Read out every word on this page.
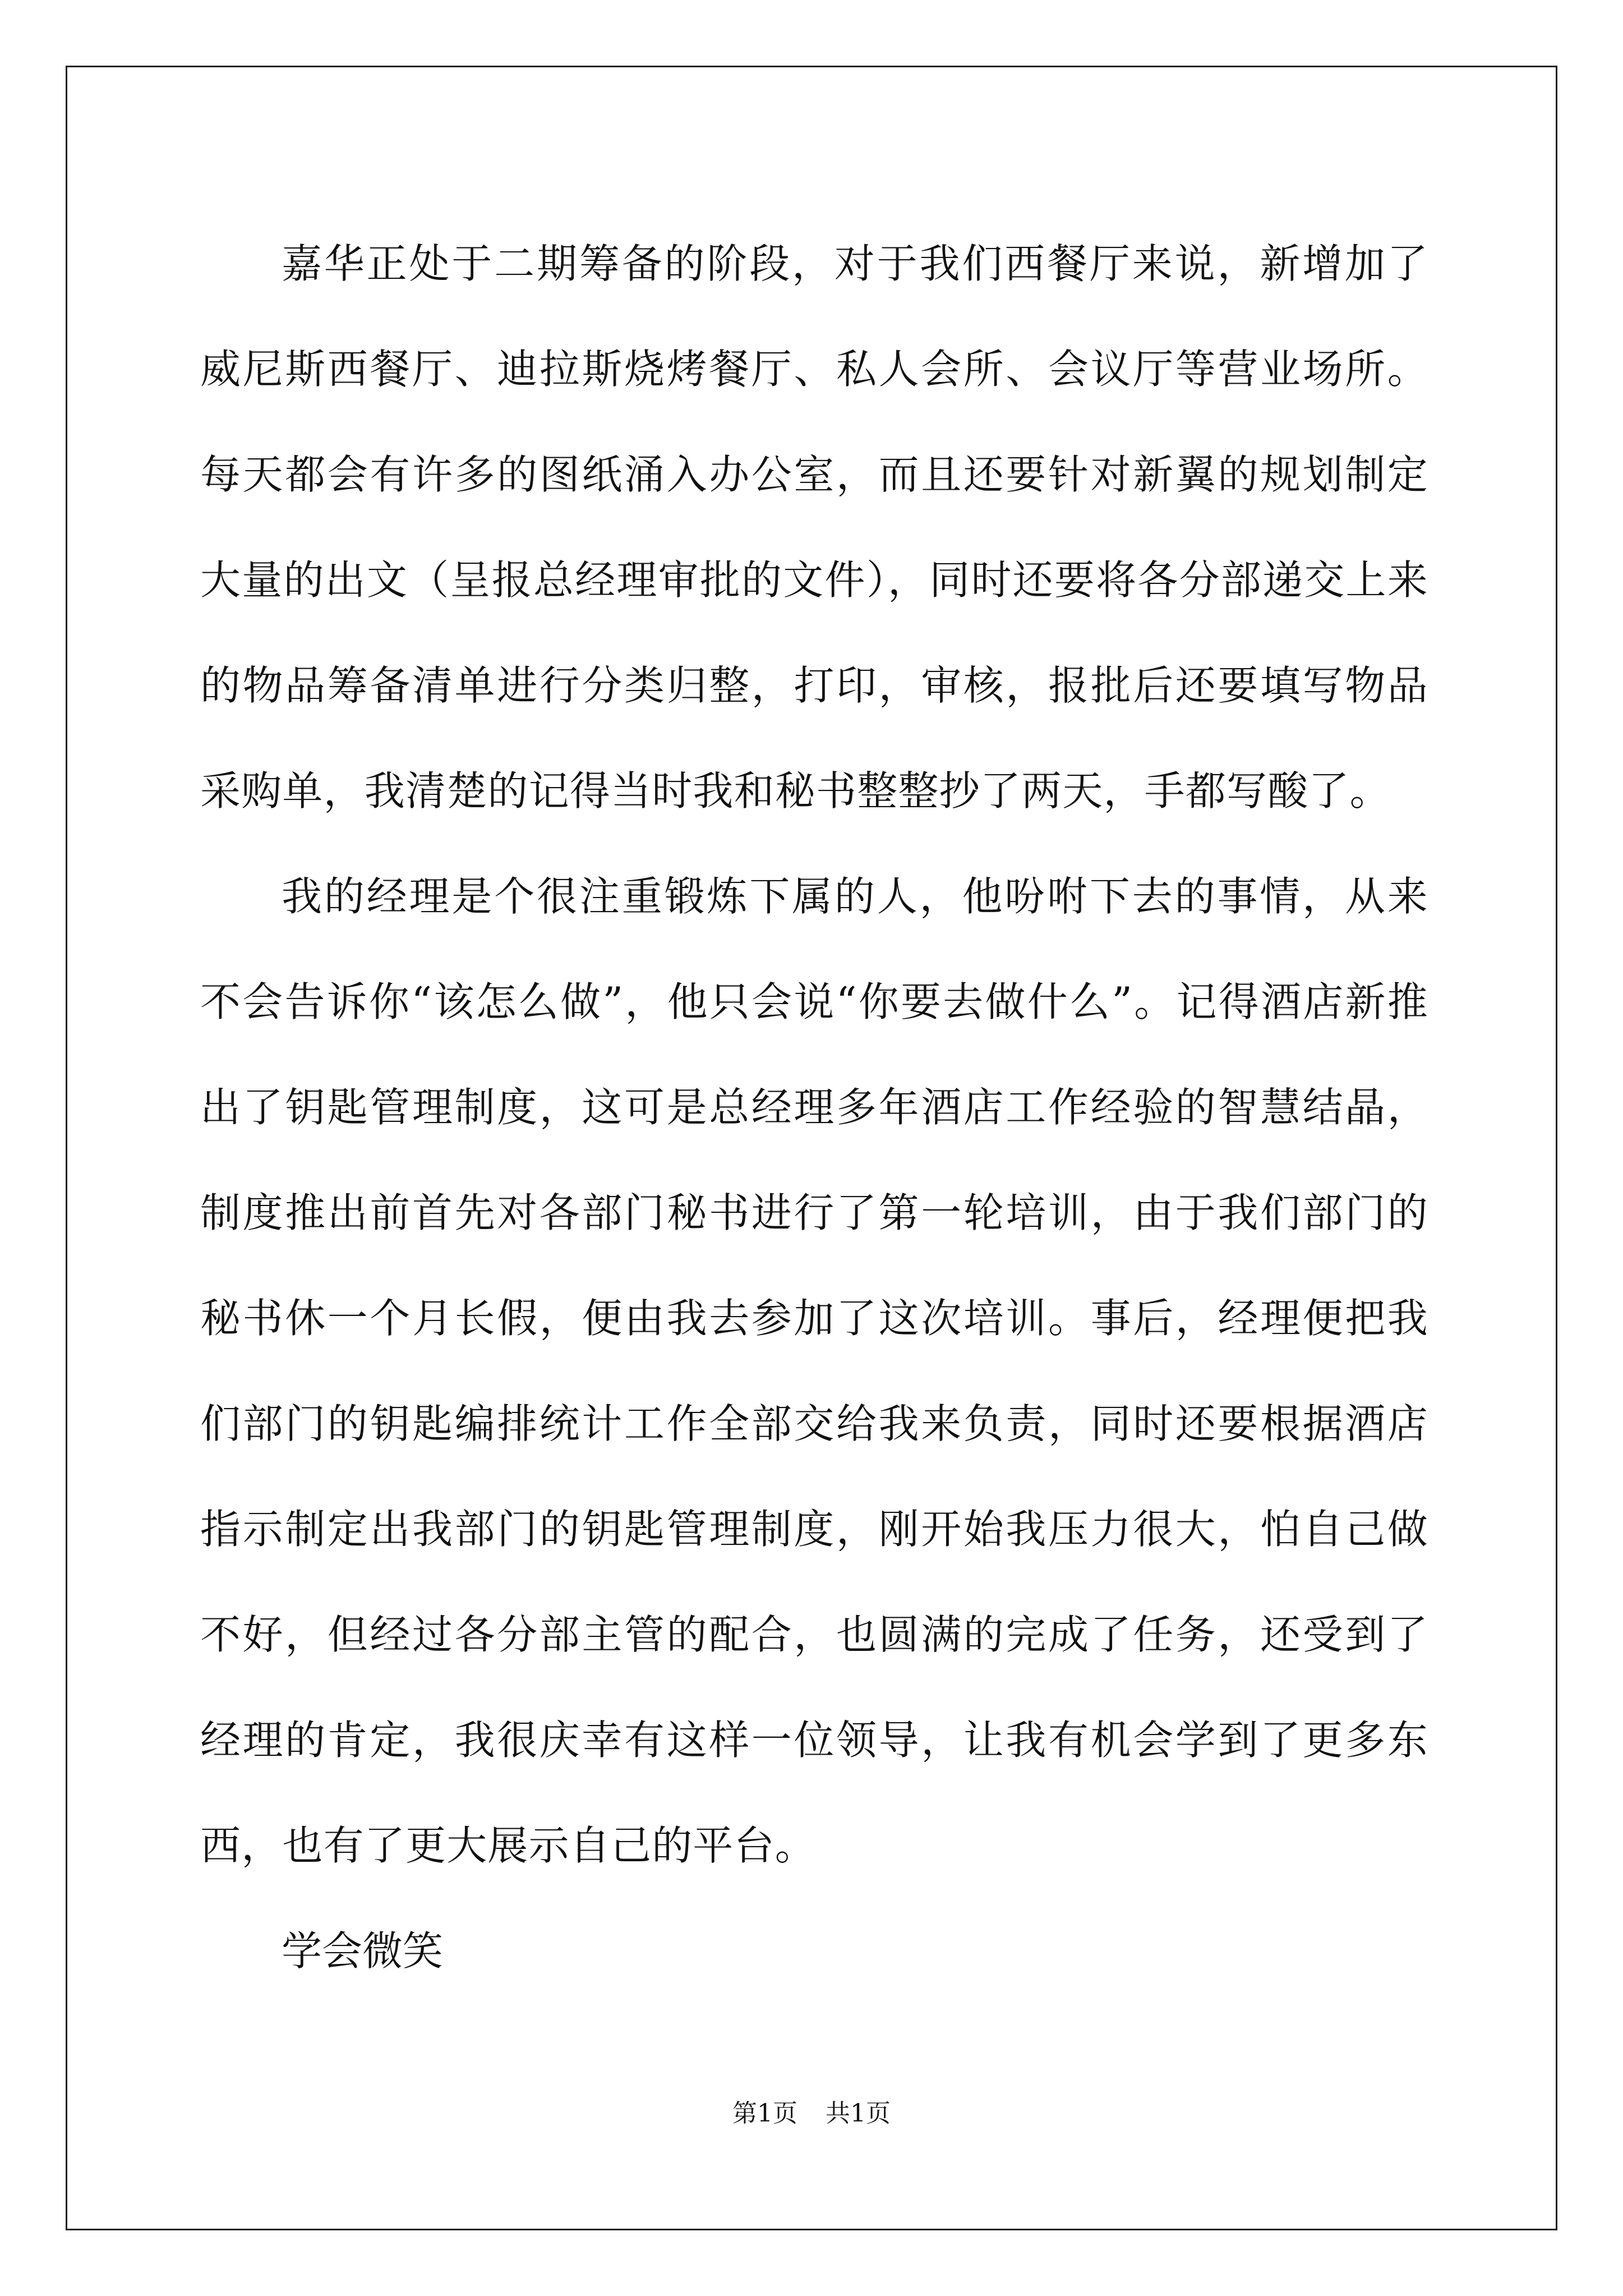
嘉华正处于二期筹备的阶段，对于我们西餐厅来说，新增加了威尼斯西餐厅、迪拉斯烧烤餐厅、私人会所、会议厅等营业场所。每天都会有许多的图纸涌入办公室，而且还要针对新翼的规划制定大量的出文（呈报总经理审批的文件），同时还要将各分部递交上来的物品筹备清单进行分类归整，打印，审核，报批后还要填写物品采购单，我清楚的记得当时我和秘书整整抄了两天，手都写酸了。

我的经理是个很注重锻炼下属的人，他吩咐下去的事情，从来不会告诉你“该怎么做”，他只会说“你要去做什么”。记得酒店新推出了钥匙管理制度，这可是总经理多年酒店工作经验的智慧结晶，制度推出前首先对各部门秘书进行了第一轮培训，由于我们部门的秘书休一个月长假，便由我去参加了这次培训。事后，经理便把我们部门的钥匙编排统计工作全部交给我来负责，同时还要根据酒店指示制定出我部门的钥匙管理制度，刚开始我压力很大，怕自己做不好，但经过各分部主管的配合，也圆满的完成了任务，还受到了经理的肯定，我很庆幸有这样一位领导，让我有机会学到了更多东西，也有了更大展示自己的平台。

学会微笑

第1页 共1页
